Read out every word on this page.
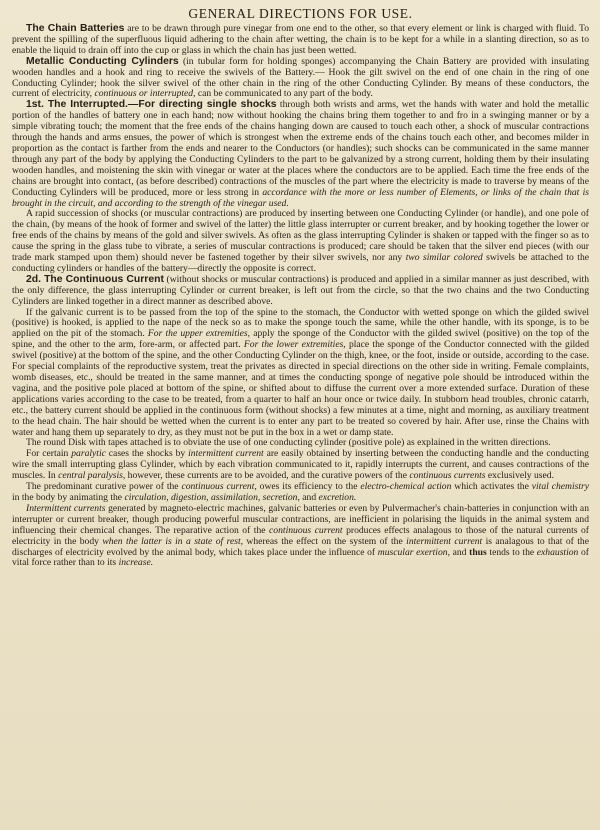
GENERAL DIRECTIONS FOR USE.

The Chain Batteries are to be drawn through pure vinegar from one end to the other, so that every element or link is charged with fluid. To prevent the spilling of the superfluous liquid adhering to the chain after wetting, the chain is to be kept for a while in a slanting direction, so as to enable the liquid to drain off into the cup or glass in which the chain has just been wetted.

Metallic Conducting Cylinders (in tubular form for holding sponges) accompanying the Chain Battery are provided with insulating wooden handles and a hook and ring to receive the swivels of the Battery.— Hook the gilt swivel on the end of one chain in the ring of one Conducting Cylinder; hook the silver swivel of the other chain in the ring of the other Conducting Cylinder. By means of these conductors, the current of electricity, continuous or interrupted, can be communicated to any part of the body.

1st. The Interrupted.—For directing single shocks through both wrists and arms, wet the hands with water and hold the metallic portion of the handles of battery one in each hand; now without hooking the chains bring them together to and fro in a swinging manner or by a simple vibrating touch; the moment that the free ends of the chains hanging down are caused to touch each other, a shock of muscular contractions through the hands and arms ensues, the power of which is strongest when the extreme ends of the chains touch each other, and becomes milder in proportion as the contact is farther from the ends and nearer to the Conductors (or handles); such shocks can be communicated in the same manner through any part of the body by applying the Conducting Cylinders to the part to be galvanized by a strong current, holding them by their insulating wooden handles, and moistening the skin with vinegar or water at the places where the conductors are to be applied. Each time the free ends of the chains are brought into contact, (as before described) contractions of the muscles of the part where the electricity is made to traverse by means of the Conducting Cylinders will be produced, more or less strong in accordance with the more or less number of Elements, or links of the chain that is brought in the circuit, and according to the strength of the vinegar used.

A rapid succession of shocks (or muscular contractions) are produced by inserting between one Conducting Cylinder (or handle), and one pole of the chain, (by means of the hook of former and swivel of the latter) the little glass interrupter or current breaker, and by hooking together the lower or free ends of the chains by means of the gold and silver swivels. As often as the glass interrupting Cylinder is shaken or tapped with the finger so as to cause the spring in the glass tube to vibrate, a series of muscular contractions is produced; care should be taken that the silver end pieces (with our trade mark stamped upon them) should never be fastened together by their silver swivels, nor any two similar colored swivels be attached to the conducting cylinders or handles of the battery—directly the opposite is correct.

2d. The Continuous Current (without shocks or muscular contractions) is produced and applied in a similar manner as just described, with the only difference, the glass interrupting Cylinder or current breaker, is left out from the circle, so that the two chains and the two Conducting Cylinders are linked together in a direct manner as described above.

If the galvanic current is to be passed from the top of the spine to the stomach, the Conductor with wetted sponge on which the gilded swivel (positive) is hooked, is applied to the nape of the neck so as to make the sponge touch the same, while the other handle, with its sponge, is to be applied on the pit of the stomach. For the upper extremities, apply the sponge of the Conductor with the gilded swivel (positive) on the top of the spine, and the other to the arm, fore-arm, or affected part. For the lower extremities, place the sponge of the Conductor connected with the gilded swivel (positive) at the bottom of the spine, and the other Conducting Cylinder on the thigh, knee, or the foot, inside or outside, according to the case. For special complaints of the reproductive system, treat the privates as directed in special directions on the other side in writing. Female complaints, womb diseases, etc., should be treated in the same manner, and at times the conducting sponge of negative pole should be introduced within the vagina, and the positive pole placed at bottom of the spine, or shifted about to diffuse the current over a more extended surface. Duration of these applications varies according to the case to be treated, from a quarter to half an hour once or twice daily. In stubborn head troubles, chronic catarrh, etc., the battery current should be applied in the continuous form (without shocks) a few minutes at a time, night and morning, as auxiliary treatment to the head chain. The hair should be wetted when the current is to enter any part to be treated so covered by hair. After use, rinse the Chains with water and hang them up separately to dry, as they must not be put in the box in a wet or damp state.

The round Disk with tapes attached is to obviate the use of one conducting cylinder (positive pole) as explained in the written directions.

For certain paralytic cases the shocks by intermittent current are easily obtained by inserting between the conducting handle and the conducting wire the small interrupting glass Cylinder, which by each vibration communicated to it, rapidly interrupts the current, and causes contractions of the muscles. In central paralysis, however, these currents are to be avoided, and the curative powers of the continuous currents exclusively used.

The predominant curative power of the continuous current, owes its efficiency to the electro-chemical action which activates the vital chemistry in the body by animating the circulation, digestion, assimilation, secretion, and excretion.

Intermittent currents generated by magneto-electric machines, galvanic batteries or even by Pulvermacher's chain-batteries in conjunction with an interrupter or current breaker, though producing powerful muscular contractions, are inefficient in polarising the liquids in the animal system and influencing their chemical changes. The reparative action of the continuous current produces effects analagous to those of the natural currents of electricity in the body when the latter is in a state of rest, whereas the effect on the system of the intermittent current is analagous to that of the discharges of electricity evolved by the animal body, which takes place under the influence of muscular exertion, and thus tends to the exhaustion of vital force rather than to its increase.
